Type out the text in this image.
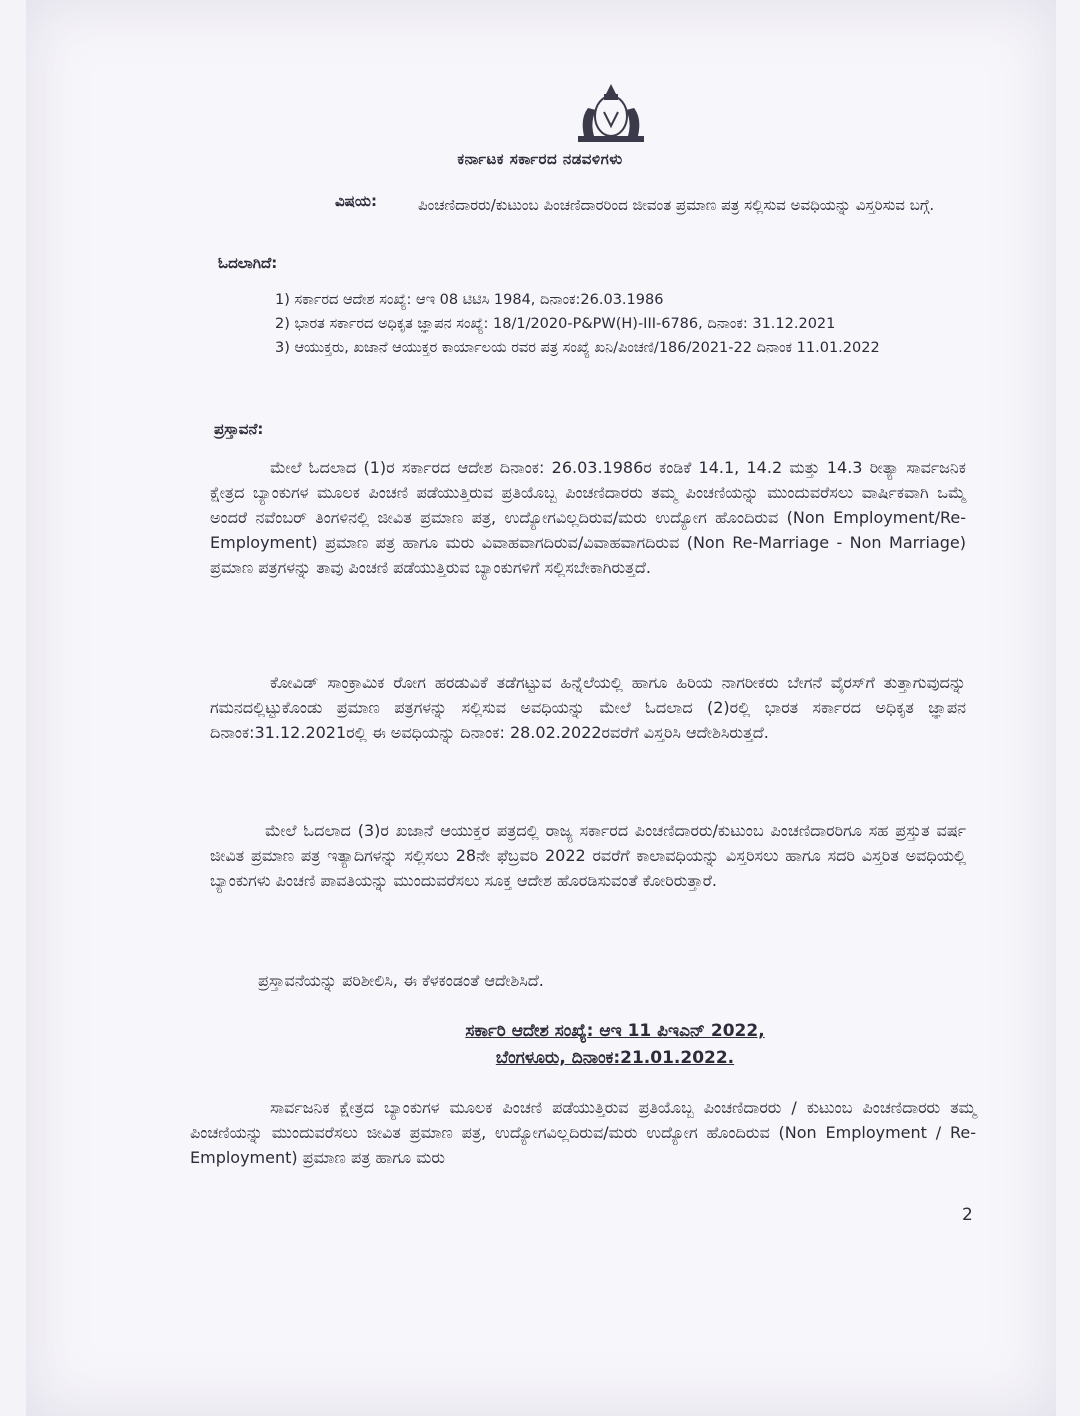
ಕರ್ನಾಟಕ ಸರ್ಕಾರದ ನಡವಳಿಗಳು
ವಿಷಯ:	ಪಿಂಚಣಿದಾರರು/ಕುಟುಂಬ ಪಿಂಚಣಿದಾರರಿಂದ ಜೀವಂತ ಪ್ರಮಾಣ ಪತ್ರ ಸಲ್ಲಿಸುವ ಅವಧಿಯನ್ನು ವಿಸ್ತರಿಸುವ ಬಗ್ಗೆ.
ಓದಲಾಗಿದೆ:
1) ಸರ್ಕಾರದ ಆದೇಶ ಸಂಖ್ಯೆ: ಆಇ 08 ಟಿಟಿಸಿ 1984, ದಿನಾಂಕ:26.03.1986
2) ಭಾರತ ಸರ್ಕಾರದ ಅಧಿಕೃತ ಜ್ಞಾಪನ ಸಂಖ್ಯೆ: 18/1/2020-P&PW(H)-III-6786, ದಿನಾಂಕ: 31.12.2021
3) ಆಯುಕ್ತರು, ಖಜಾನೆ ಆಯುಕ್ತರ ಕಾರ್ಯಾಲಯ ರವರ ಪತ್ರ ಸಂಖ್ಯೆ ಖನಿ/ಪಿಂಚಣಿ/186/2021-22 ದಿನಾಂಕ 11.01.2022
ಪ್ರಸ್ತಾವನೆ:
ಮೇಲೆ ಓದಲಾದ (1)ರ ಸರ್ಕಾರದ ಆದೇಶ ದಿನಾಂಕ: 26.03.1986ರ ಕಂಡಿಕೆ 14.1, 14.2 ಮತ್ತು 14.3 ರೀತ್ಯಾ ಸಾರ್ವಜನಿಕ ಕ್ಷೇತ್ರದ ಬ್ಯಾಂಕುಗಳ ಮೂಲಕ ಪಿಂಚಣಿ ಪಡೆಯುತ್ತಿರುವ ಪ್ರತಿಯೊಬ್ಬ ಪಿಂಚಣಿದಾರರು ತಮ್ಮ ಪಿಂಚಣಿಯನ್ನು ಮುಂದುವರೆಸಲು ವಾರ್ಷಿಕವಾಗಿ ಒಮ್ಮೆ ಅಂದರೆ ನವೆಂಬರ್ ತಿಂಗಳಿನಲ್ಲಿ ಜೀವಿತ ಪ್ರಮಾಣ ಪತ್ರ, ಉದ್ಯೋಗವಿಲ್ಲದಿರುವ/ಮರು ಉದ್ಯೋಗ ಹೊಂದಿರುವ (Non Employment/Re-Employment) ಪ್ರಮಾಣ ಪತ್ರ ಹಾಗೂ ಮರು ವಿವಾಹವಾಗದಿರುವ/ವಿವಾಹವಾಗದಿರುವ (Non Re-Marriage - Non Marriage) ಪ್ರಮಾಣ ಪತ್ರಗಳನ್ನು ತಾವು ಪಿಂಚಣಿ ಪಡೆಯುತ್ತಿರುವ ಬ್ಯಾಂಕುಗಳಿಗೆ ಸಲ್ಲಿಸಬೇಕಾಗಿರುತ್ತದೆ.
ಕೋವಿಡ್ ಸಾಂಕ್ರಾಮಿಕ ರೋಗ ಹರಡುವಿಕೆ ತಡೆಗಟ್ಟುವ ಹಿನ್ನೆಲೆಯಲ್ಲಿ ಹಾಗೂ ಹಿರಿಯ ನಾಗರೀಕರು ಬೇಗನೆ ವೈರಸ್‌ಗೆ ತುತ್ತಾಗುವುದನ್ನು ಗಮನದಲ್ಲಿಟ್ಟುಕೊಂಡು ಪ್ರಮಾಣ ಪತ್ರಗಳನ್ನು ಸಲ್ಲಿಸುವ ಅವಧಿಯನ್ನು ಮೇಲೆ ಓದಲಾದ (2)ರಲ್ಲಿ ಭಾರತ ಸರ್ಕಾರದ ಅಧಿಕೃತ ಜ್ಞಾಪನ ದಿನಾಂಕ:31.12.2021ರಲ್ಲಿ ಈ ಅವಧಿಯನ್ನು ದಿನಾಂಕ: 28.02.2022ರವರೆಗೆ ವಿಸ್ತರಿಸಿ ಆದೇಶಿಸಿರುತ್ತದೆ.
ಮೇಲೆ ಓದಲಾದ (3)ರ ಖಜಾನೆ ಆಯುಕ್ತರ ಪತ್ರದಲ್ಲಿ ರಾಜ್ಯ ಸರ್ಕಾರದ ಪಿಂಚಣಿದಾರರು/ಕುಟುಂಬ ಪಿಂಚಣಿದಾರರಿಗೂ ಸಹ ಪ್ರಸ್ತುತ ವರ್ಷ ಜೀವಿತ ಪ್ರಮಾಣ ಪತ್ರ ಇತ್ಯಾದಿಗಳನ್ನು ಸಲ್ಲಿಸಲು 28ನೇ ಫೆಬ್ರವರಿ 2022 ರವರೆಗೆ ಕಾಲಾವಧಿಯನ್ನು ವಿಸ್ತರಿಸಲು ಹಾಗೂ ಸದರಿ ವಿಸ್ತರಿತ ಅವಧಿಯಲ್ಲಿ ಬ್ಯಾಂಕುಗಳು ಪಿಂಚಣಿ ಪಾವತಿಯನ್ನು ಮುಂದುವರೆಸಲು ಸೂಕ್ತ ಆದೇಶ ಹೊರಡಿಸುವಂತೆ ಕೋರಿರುತ್ತಾರೆ.
ಪ್ರಸ್ತಾವನೆಯನ್ನು ಪರಿಶೀಲಿಸಿ, ಈ ಕೆಳಕಂಡಂತೆ ಆದೇಶಿಸಿದೆ.
ಸರ್ಕಾರಿ ಆದೇಶ ಸಂಖ್ಯೆ: ಆಇ 11 ಪಿಇಎನ್ 2022,
ಬೆಂಗಳೂರು, ದಿನಾಂಕ:21.01.2022.
ಸಾರ್ವಜನಿಕ ಕ್ಷೇತ್ರದ ಬ್ಯಾಂಕುಗಳ ಮೂಲಕ ಪಿಂಚಣಿ ಪಡೆಯುತ್ತಿರುವ ಪ್ರತಿಯೊಬ್ಬ ಪಿಂಚಣಿದಾರರು / ಕುಟುಂಬ ಪಿಂಚಣಿದಾರರು ತಮ್ಮ ಪಿಂಚಣಿಯನ್ನು ಮುಂದುವರೆಸಲು ಜೀವಿತ ಪ್ರಮಾಣ ಪತ್ರ, ಉದ್ಯೋಗವಿಲ್ಲದಿರುವ/ಮರು ಉದ್ಯೋಗ ಹೊಂದಿರುವ (Non Employment / Re-Employment) ಪ್ರಮಾಣ ಪತ್ರ ಹಾಗೂ ಮರು
2
